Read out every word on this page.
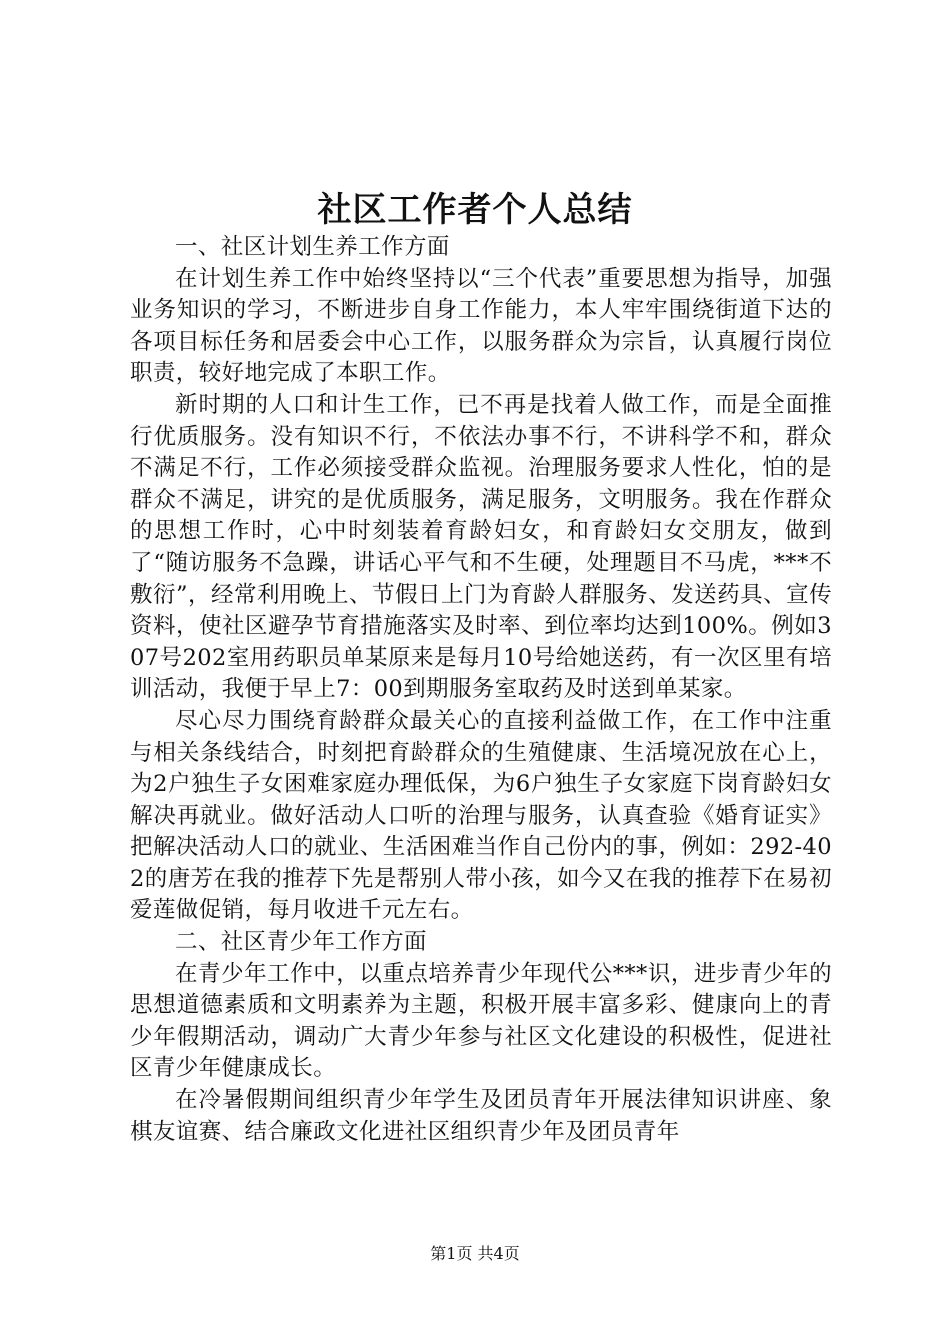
社区工作者个人总结

一、社区计划生养工作方面

在计划生养工作中始终坚持以“三个代表”重要思想为指导，加强业务知识的学习，不断进步自身工作能力，本人牢牢围绕街道下达的各项目标任务和居委会中心工作，以服务群众为宗旨，认真履行岗位职责，较好地完成了本职工作。

新时期的人口和计生工作，已不再是找着人做工作，而是全面推行优质服务。没有知识不行，不依法办事不行，不讲科学不和，群众不满足不行，工作必须接受群众监视。治理服务要求人性化，怕的是群众不满足，讲究的是优质服务，满足服务，文明服务。我在作群众的思想工作时，心中时刻装着育龄妇女，和育龄妇女交朋友，做到了“随访服务不急躁，讲话心平气和不生硬，处理题目不马虎，***不敷衍”，经常利用晚上、节假日上门为育龄人群服务、发送药具、宣传资料，使社区避孕节育措施落实及时率、到位率均达到100%。例如307号202室用药职员单某原来是每月10号给她送药，有一次区里有培训活动，我便于早上7：00到期服务室取药及时送到单某家。

尽心尽力围绕育龄群众最关心的直接利益做工作，在工作中注重与相关条线结合，时刻把育龄群众的生殖健康、生活境况放在心上，为2户独生子女困难家庭办理低保，为6户独生子女家庭下岗育龄妇女解决再就业。做好活动人口听的治理与服务，认真查验《婚育证实》把解决活动人口的就业、生活困难当作自己份内的事，例如：292-402的唐芳在我的推荐下先是帮别人带小孩，如今又在我的推荐下在易初爱莲做促销，每月收进千元左右。

二、社区青少年工作方面

在青少年工作中，以重点培养青少年现代公***识，进步青少年的思想道德素质和文明素养为主题，积极开展丰富多彩、健康向上的青少年假期活动，调动广大青少年参与社区文化建设的积极性，促进社区青少年健康成长。

在冷暑假期间组织青少年学生及团员青年开展法律知识讲座、象棋友谊赛、结合廉政文化进社区组织青少年及团员青年

第1页 共4页
